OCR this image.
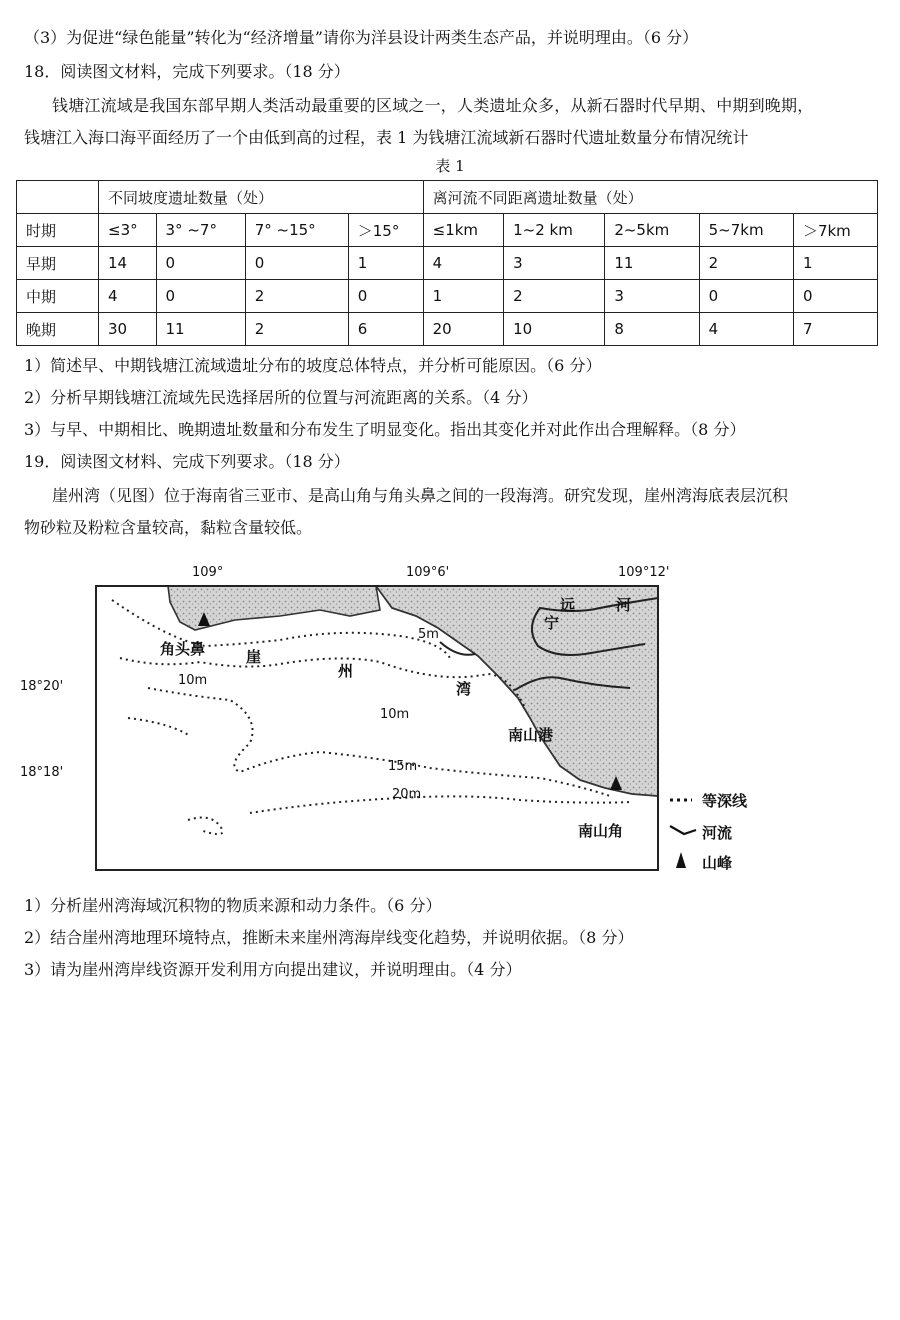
（3）为促进“绿色能量”转化为“经济增量”请你为洋县设计两类生态产品，并说明理由。（6 分）
18．阅读图文材料，完成下列要求。（18 分）
钱塘江流域是我国东部早期人类活动最重要的区域之一，人类遗址众多，从新石器时代早期、中期到晚期，
钱塘江入海口海平面经历了一个由低到高的过程，表 1 为钱塘江流域新石器时代遗址数量分布情况统计
表 1
	不同坡度遗址数量（处）				离河流不同距离遗址数量（处）				
时期	≤3°	3° ~7°	7° ~15°	＞15°	≤1km	1~2 km	2~5km	5~7km	＞7km
早期	14	0	0	1	4	3	11	2	1
中期	4	0	2	0	1	2	3	0	0
晚期	30	11	2	6	20	10	8	4	7
1）简述早、中期钱塘江流域遗址分布的坡度总体特点，并分析可能原因。（6 分）
2）分析早期钱塘江流域先民选择居所的位置与河流距离的关系。（4 分）
3）与早、中期相比、晚期遗址数量和分布发生了明显变化。指出其变化并对此作出合理解释。（8 分）
19．阅读图文材料、完成下列要求。（18 分）
崖州湾（见图）位于海南省三亚市、是高山角与角头鼻之间的一段海湾。研究发现，崖州湾海底表层沉积
物砂粒及粉粒含量较高，黏粒含量较低。
109°	109°6'	109°12'
18°20'
18°18'
角头鼻	崖
州
湾
南山港
南山角
宁
远	河
5m
10m
10m
15m
20m	等深线
河流
山峰
1）分析崖州湾海域沉积物的物质来源和动力条件。（6 分）
2）结合崖州湾地理环境特点，推断未来崖州湾海岸线变化趋势，并说明依据。（8 分）
3）请为崖州湾岸线资源开发利用方向提出建议，并说明理由。（4 分）
